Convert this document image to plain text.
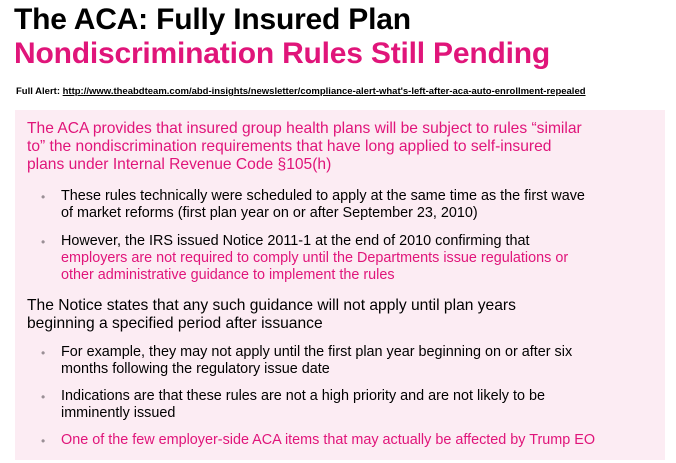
The ACA: Fully Insured Plan
Nondiscrimination Rules Still Pending
Full Alert: http://www.theabdteam.com/abd-insights/newsletter/compliance-alert-what's-left-after-aca-auto-enrollment-repealed
The ACA provides that insured group health plans will be subject to rules “similar
to” the nondiscrimination requirements that have long applied to self-insured
plans under Internal Revenue Code §105(h)
• These rules technically were scheduled to apply at the same time as the first wave
of market reforms (first plan year on or after September 23, 2010)
• However, the IRS issued Notice 2011-1 at the end of 2010 confirming that
employers are not required to comply until the Departments issue regulations or
other administrative guidance to implement the rules
The Notice states that any such guidance will not apply until plan years
beginning a specified period after issuance
• For example, they may not apply until the first plan year beginning on or after six
months following the regulatory issue date
• Indications are that these rules are not a high priority and are not likely to be
imminently issued
• One of the few employer-side ACA items that may actually be affected by Trump EO
